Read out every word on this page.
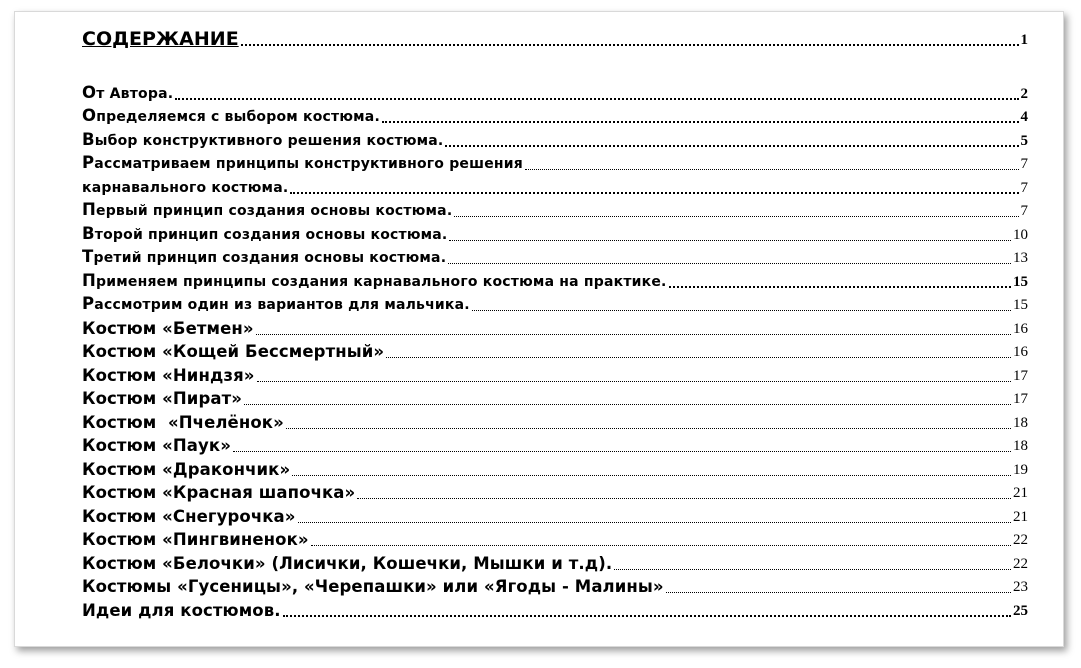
СОДЕРЖАНИЕ	1
От Автора.	2
Определяемся с выбором костюма.	4
Выбор конструктивного решения костюма.	5
Рассматриваем принципы конструктивного решения	7
карнавального костюма.	7
Первый принцип создания основы костюма.	7
Второй принцип создания основы костюма.	10
Третий принцип создания основы костюма.	13
Применяем принципы создания карнавального костюма на практике.	15
Рассмотрим один из вариантов для мальчика.	15
Костюм «Бетмен»	16
Костюм «Кощей Бессмертный»	16
Костюм «Ниндзя»	17
Костюм «Пират»	17
Костюм  «Пчелёнок»	18
Костюм «Паук»	18
Костюм «Дракончик»	19
Костюм «Красная шапочка»	21
Костюм «Снегурочка»	21
Костюм «Пингвиненок»	22
Костюм «Белочки» (Лисички, Кошечки, Мышки и т.д).	22
Костюмы «Гусеницы», «Черепашки» или «Ягоды - Малины»	23
Идеи для костюмов.	25
